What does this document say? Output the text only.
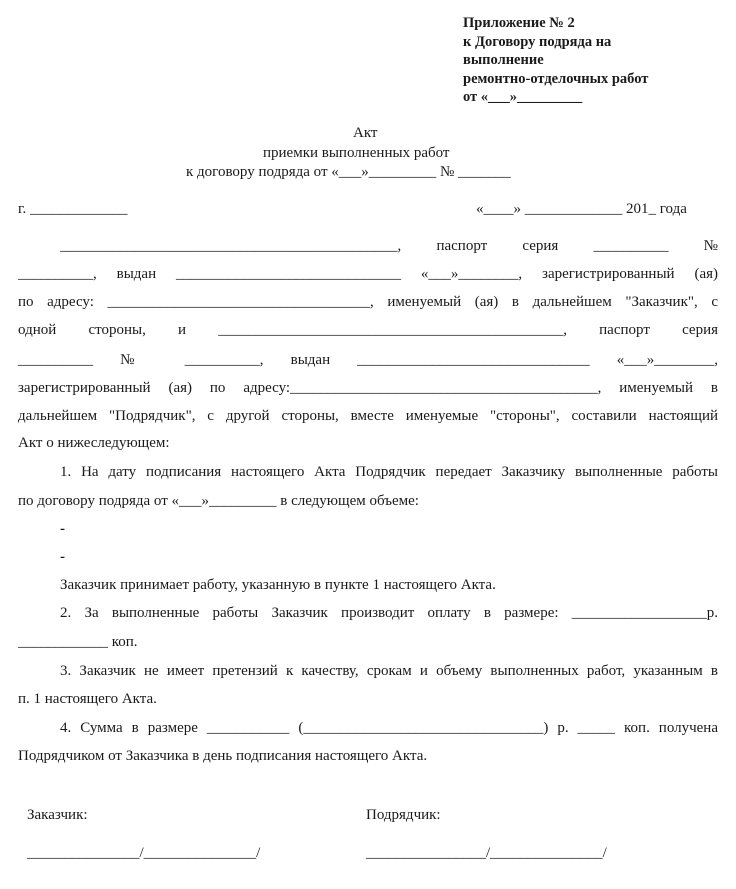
Приложение № 2
к Договору подряда на
выполнение
ремонтно-отделочных работ
от «___»_________
Акт
приемки выполненных работ
к договору подряда от «___»_________ № _______
г. _____________	«____» _____________ 201_ года
_____________________________________________, паспорт серия __________ №
__________, выдан ______________________________ «___»________, зарегистрированный (ая)
по адресу: ___________________________________, именуемый (ая) в дальнейшем "Заказчик", с
одной стороны, и ______________________________________________, паспорт серия
__________ № __________, выдан _______________________________ «___»________,
зарегистрированный (ая) по адресу:_________________________________________, именуемый в
дальнейшем "Подрядчик", с другой стороны, вместе именуемые "стороны", составили настоящий
Акт о нижеследующем:
1. На дату подписания настоящего Акта Подрядчик передает Заказчику выполненные работы
по договору подряда от «___»_________ в следующем объеме:
-
-
Заказчик принимает работу, указанную в пункте 1 настоящего Акта.
2. За выполненные работы Заказчик производит оплату в размере: __________________р.
____________ коп.
3. Заказчик не имеет претензий к качеству, срокам и объему выполненных работ, указанным в
п. 1 настоящего Акта.
4. Сумма в размере ___________ (________________________________) р. _____ коп. получена
Подрядчиком от Заказчика в день подписания настоящего Акта.
Заказчик:	Подрядчик:
_______________/_______________/	________________/_______________/
